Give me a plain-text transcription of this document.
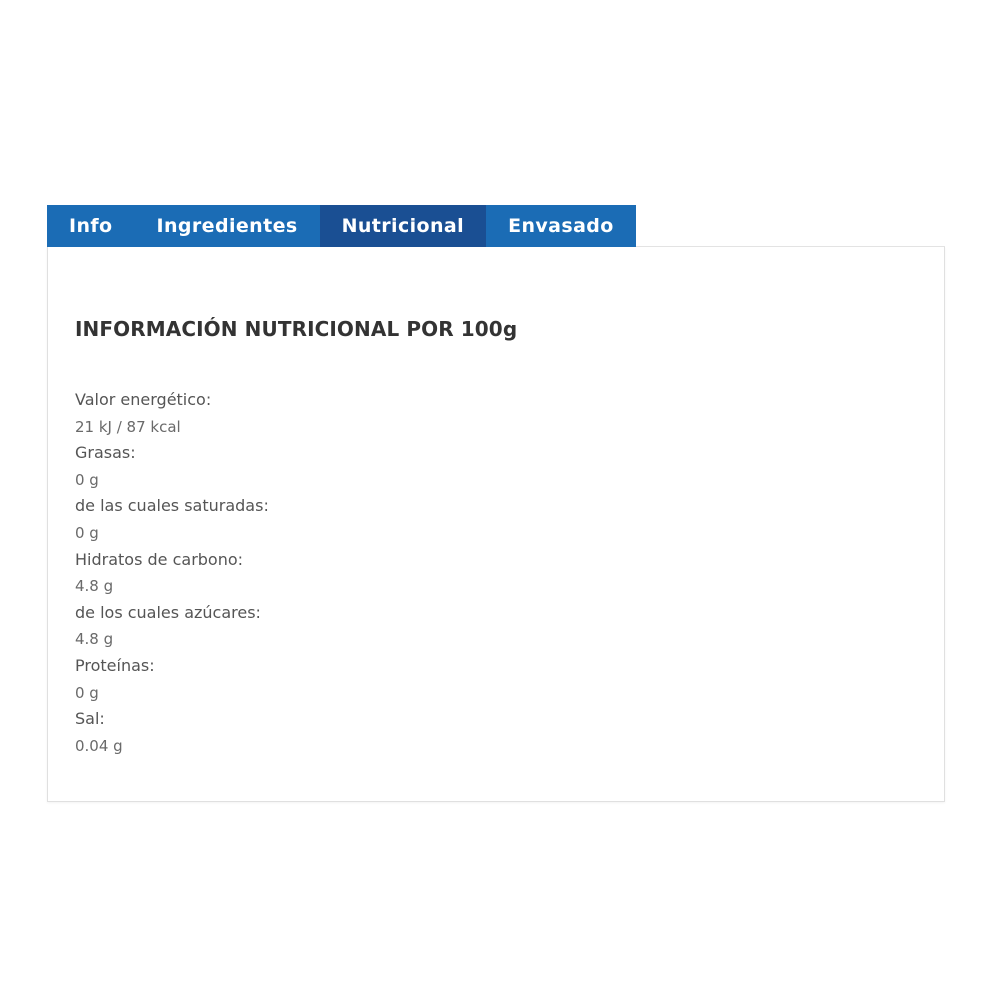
Info Ingredientes Nutricional Envasado
INFORMACIÓN NUTRICIONAL POR 100g
Valor energético:
21 kJ / 87 kcal
Grasas:
0 g
de las cuales saturadas:
0 g
Hidratos de carbono:
4.8 g
de los cuales azúcares:
4.8 g
Proteínas:
0 g
Sal:
0.04 g
